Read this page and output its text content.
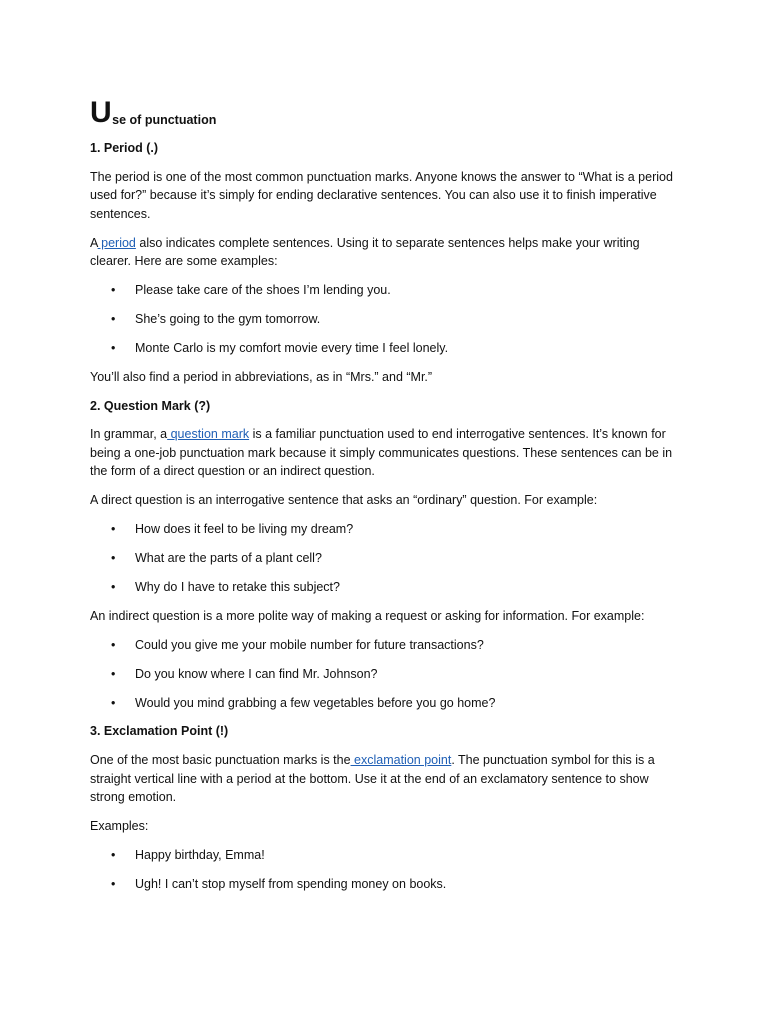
U se of punctuation
1. Period (.)

The period is one of the most common punctuation marks. Anyone knows the answer to “What is a period used for?” because it’s simply for ending declarative sentences. You can also use it to finish imperative sentences.

A period also indicates complete sentences. Using it to separate sentences helps make your writing clearer. Here are some examples:

• Please take care of the shoes I’m lending you.
• She’s going to the gym tomorrow.
• Monte Carlo is my comfort movie every time I feel lonely.

You’ll also find a period in abbreviations, as in “Mrs.” and “Mr.”

2. Question Mark (?)

In grammar, a question mark is a familiar punctuation used to end interrogative sentences. It’s known for being a one-job punctuation mark because it simply communicates questions. These sentences can be in the form of a direct question or an indirect question.

A direct question is an interrogative sentence that asks an “ordinary” question. For example:

• How does it feel to be living my dream?
• What are the parts of a plant cell?
• Why do I have to retake this subject?

An indirect question is a more polite way of making a request or asking for information. For example:

• Could you give me your mobile number for future transactions?
• Do you know where I can find Mr. Johnson?
• Would you mind grabbing a few vegetables before you go home?
3. Exclamation Point (!)

One of the most basic punctuation marks is the exclamation point. The punctuation symbol for this is a straight vertical line with a period at the bottom. Use it at the end of an exclamatory sentence to show strong emotion.

Examples:

• Happy birthday, Emma!
• Ugh! I can’t stop myself from spending money on books.
